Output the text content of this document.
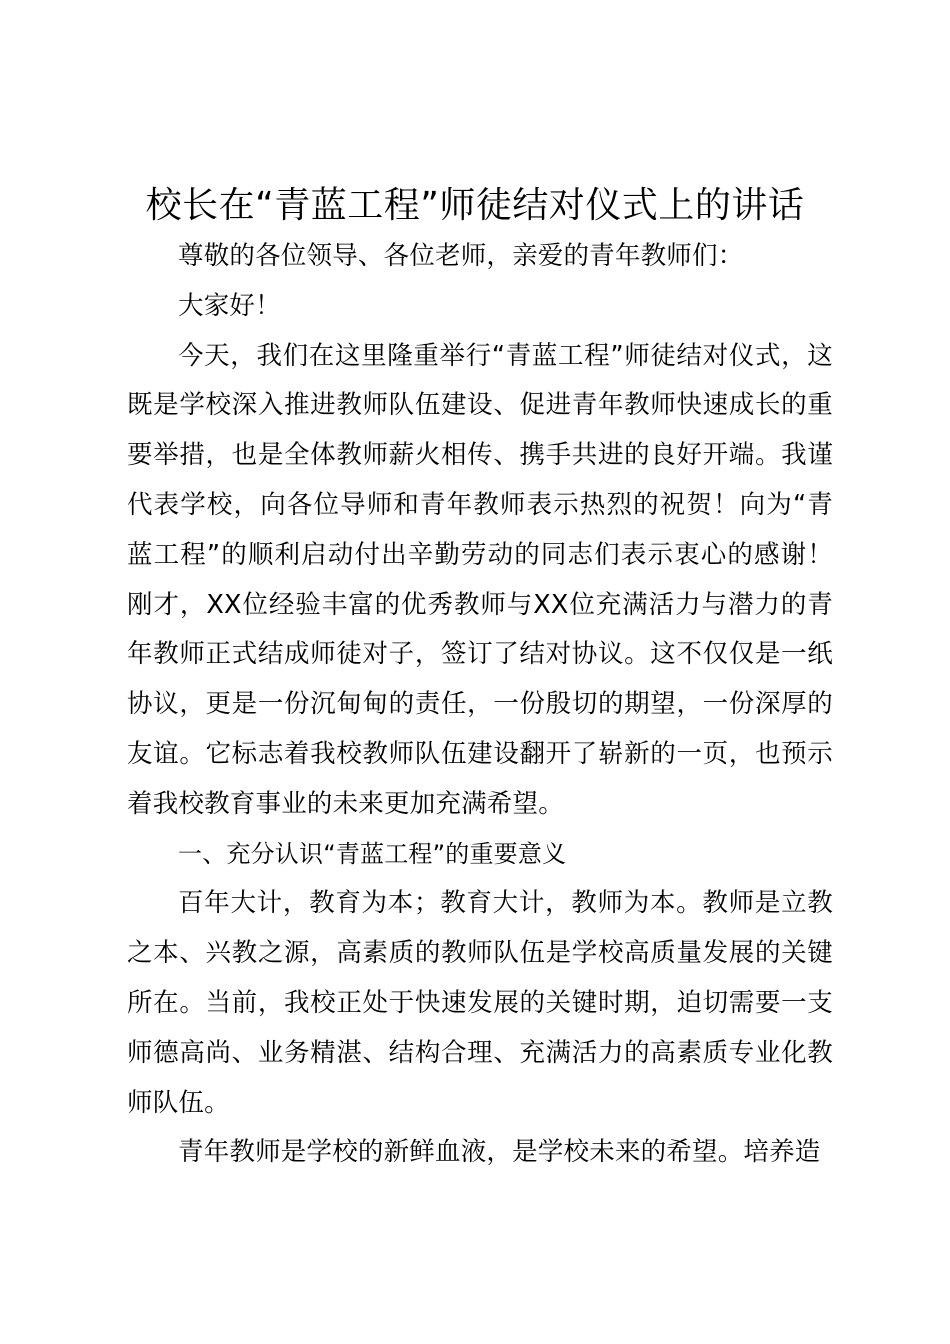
校长在“青蓝工程”师徒结对仪式上的讲话

尊敬的各位领导、各位老师，亲爱的青年教师们：

大家好！

今天，我们在这里隆重举行“青蓝工程”师徒结对仪式，这既是学校深入推进教师队伍建设、促进青年教师快速成长的重要举措，也是全体教师薪火相传、携手共进的良好开端。我谨代表学校，向各位导师和青年教师表示热烈的祝贺！向为“青蓝工程”的顺利启动付出辛勤劳动的同志们表示衷心的感谢！刚才，XX位经验丰富的优秀教师与XX位充满活力与潜力的青年教师正式结成师徒对子，签订了结对协议。这不仅仅是一纸协议，更是一份沉甸甸的责任，一份殷切的期望，一份深厚的友谊。它标志着我校教师队伍建设翻开了崭新的一页，也预示着我校教育事业的未来更加充满希望。

一、充分认识“青蓝工程”的重要意义

百年大计，教育为本；教育大计，教师为本。教师是立教之本、兴教之源，高素质的教师队伍是学校高质量发展的关键所在。当前，我校正处于快速发展的关键时期，迫切需要一支师德高尚、业务精湛、结构合理、充满活力的高素质专业化教师队伍。

青年教师是学校的新鲜血液，是学校未来的希望。培养造
